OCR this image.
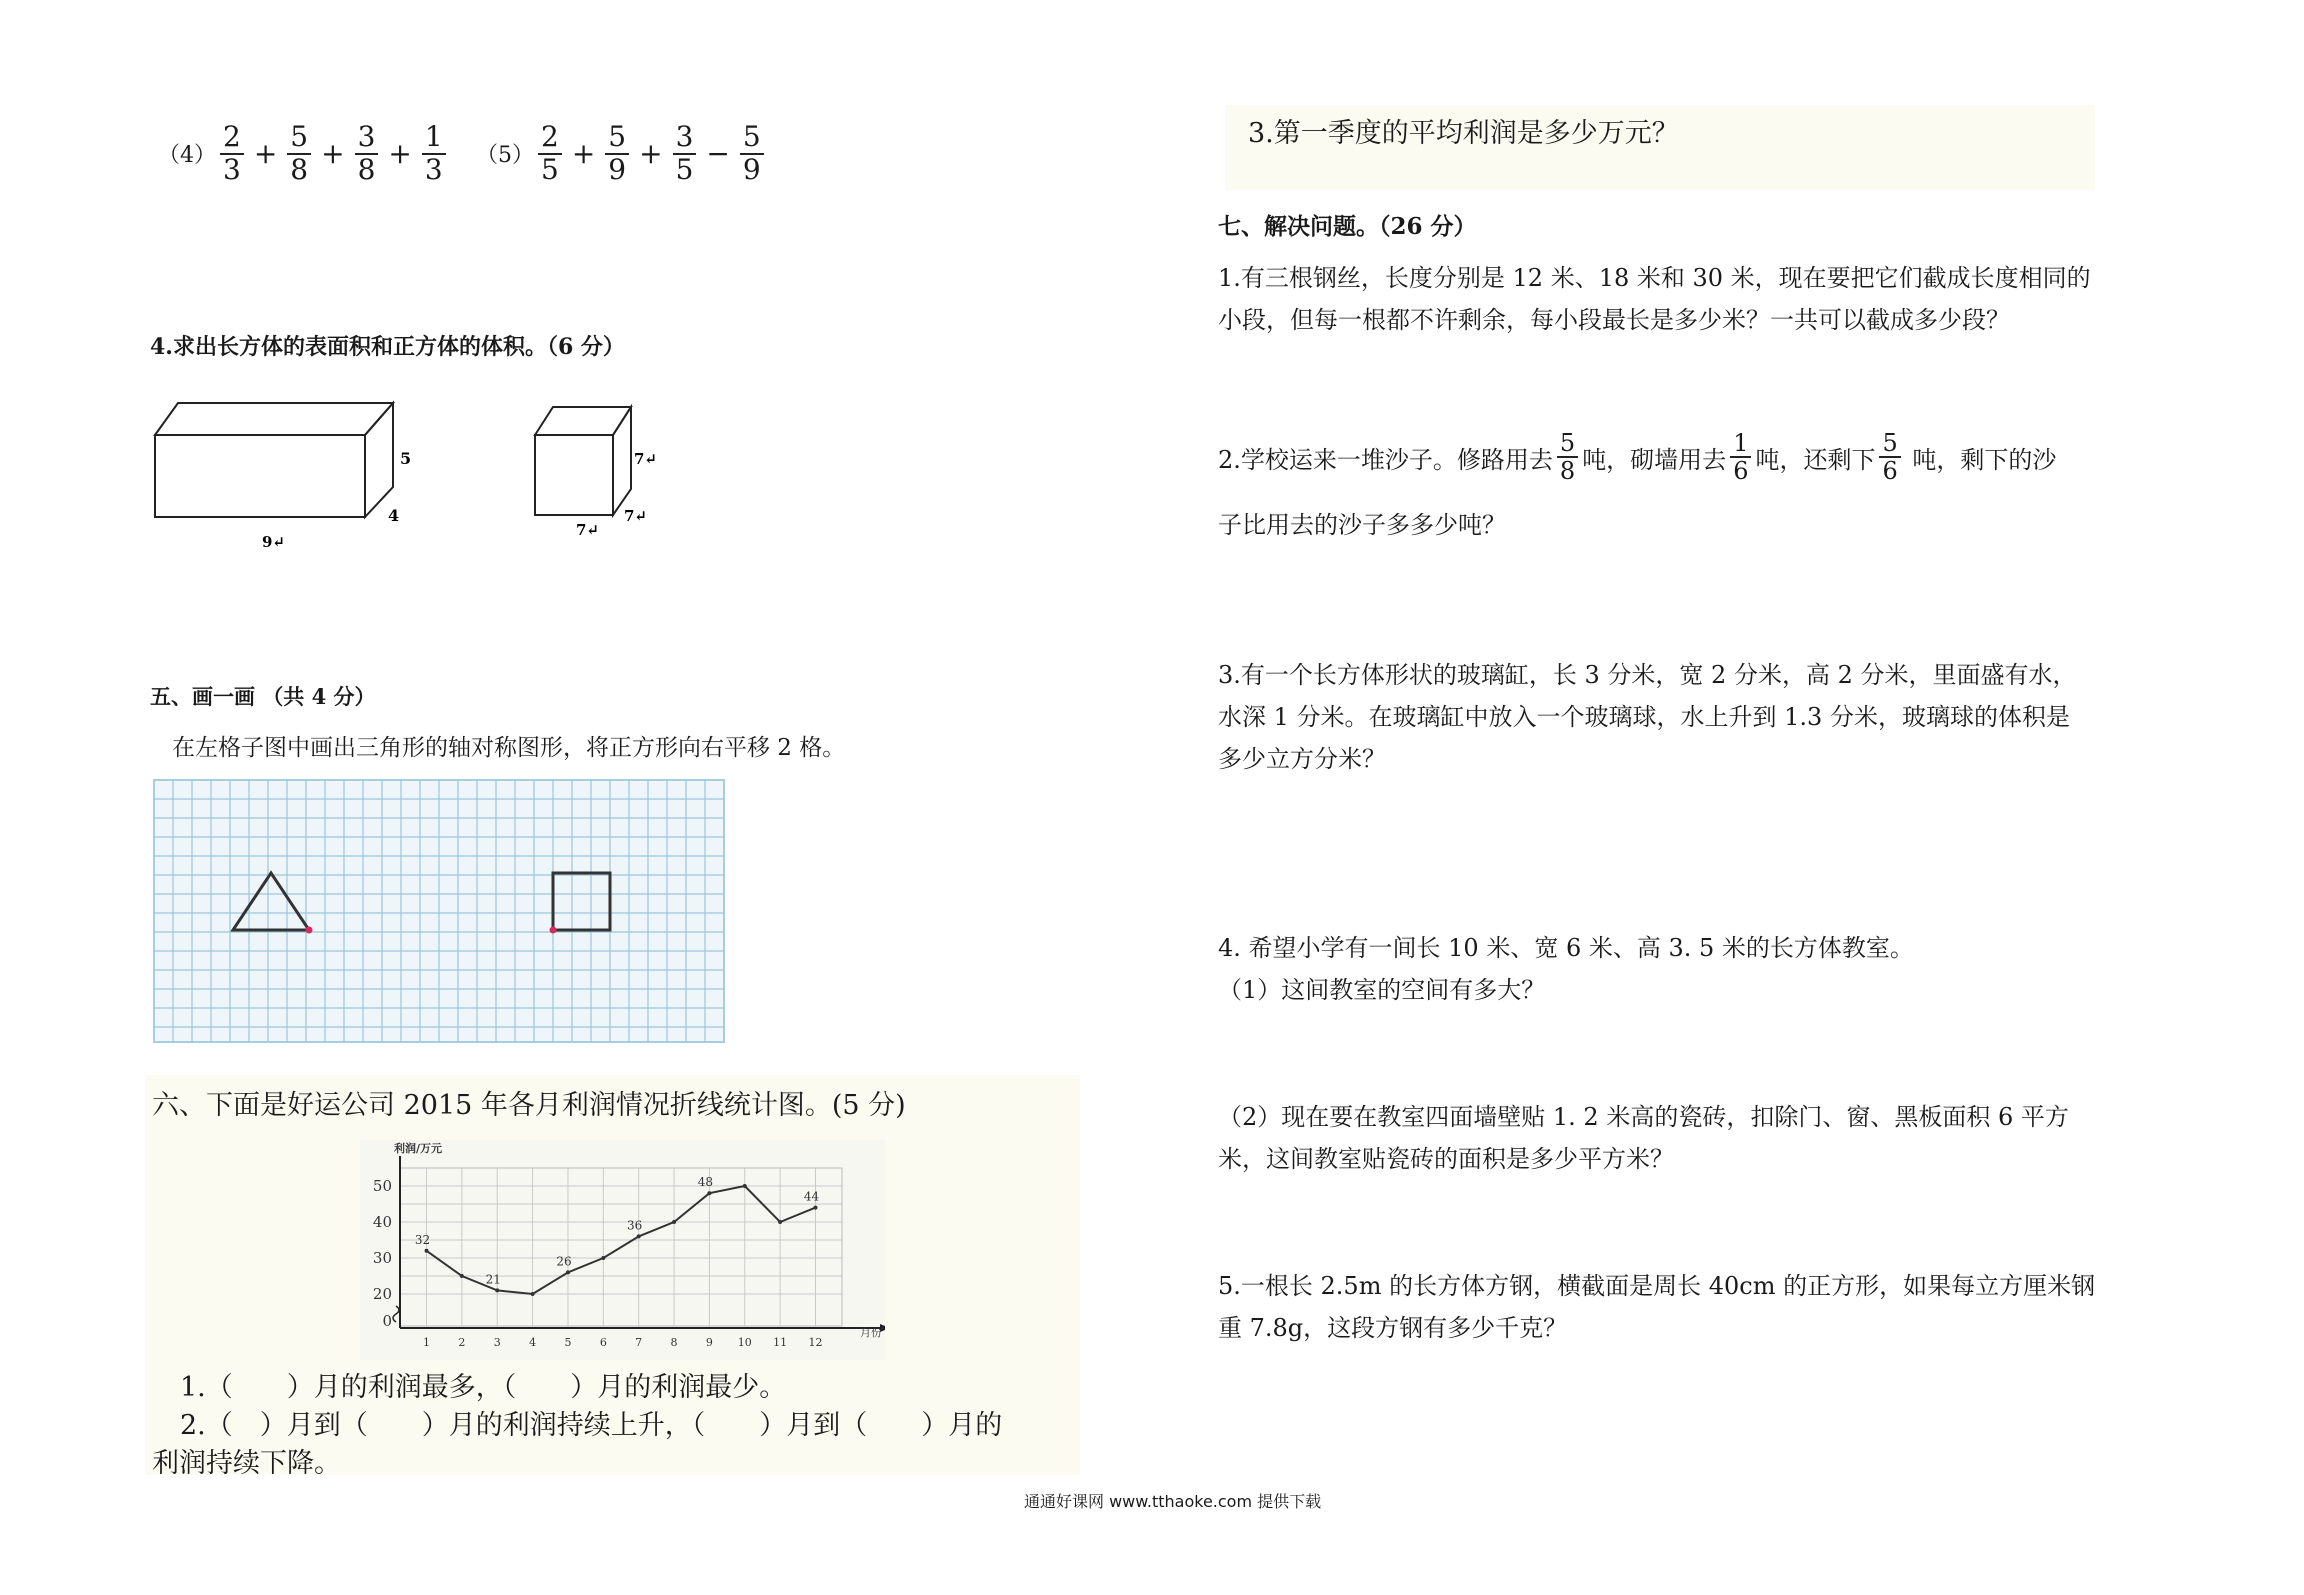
$(4) \frac{2}{3} + \frac{5}{8} + \frac{3}{8} + \frac{1}{3} (5) \frac{2}{5} + \frac{5}{9} + \frac{3}{5} - \frac{5}{9}$
4.求出长方体的表面积和正方体的体积。（6 分）
5
4
9↵
7↵
7↵
7↵
五、画一画 （共 4 分）
在左格子图中画出三角形的轴对称图形，将正方形向右平移 2 格。
六、下面是好运公司 2015 年各月利润情况折线统计图。(5 分)
利润/万元
月份
0
20
30
40
50
1	2	3	4	5	6	7	8	9 10 11 12
32
21
26
36
48
44
1.（　　）月的利润最多，（　　）月的利润最少。
2.（　）月到（　　）月的利润持续上升，（　　）月到（　　）月的
利润持续下降。
3.第一季度的平均利润是多少万元？
七、解决问题。（26 分）
1.有三根钢丝，长度分别是 12 米、18 米和 30 米，现在要把它们截成长度相同的
小段，但每一根都不许剩余，每小段最长是多少米？一共可以截成多少段？
2.学校运来一堆沙子。修路用去 $\frac{5}{8}$ 吨，砌墙用去 $\frac{1}{6}$ 吨，还剩下 $\frac{5}{6}$ 吨，剩下的沙
子比用去的沙子多多少吨？
3.有一个长方体形状的玻璃缸，长 3 分米，宽 2 分米，高 2 分米，里面盛有水，
水深 1 分米。在玻璃缸中放入一个玻璃球，水上升到 1.3 分米，玻璃球的体积是
多少立方分米？
4. 希望小学有一间长 10 米、宽 6 米、高 3. 5 米的长方体教室。
（1）这间教室的空间有多大？
（2）现在要在教室四面墙壁贴 1. 2 米高的瓷砖，扣除门、窗、黑板面积 6 平方
米，这间教室贴瓷砖的面积是多少平方米？
5.一根长 2.5m 的长方体方钢，横截面是周长 40cm 的正方形，如果每立方厘米钢
重 7.8g，这段方钢有多少千克？
通通好课网 www.tthaoke.com 提供下载
